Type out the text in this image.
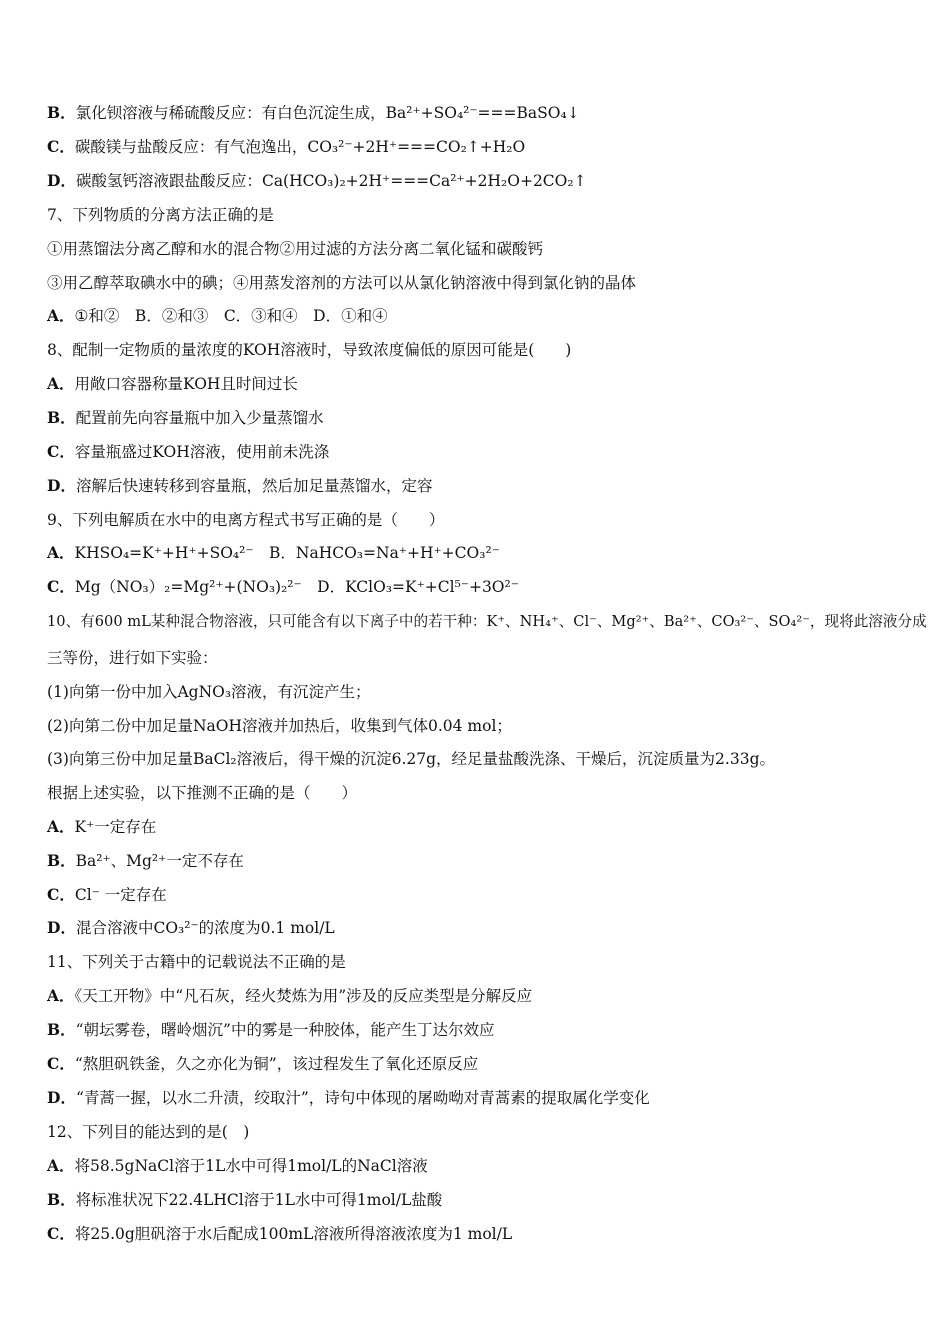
B．氯化钡溶液与稀硫酸反应：有白色沉淀生成，Ba²⁺+SO₄²⁻===BaSO₄↓
C．碳酸镁与盐酸反应：有气泡逸出，CO₃²⁻+2H⁺===CO₂↑+H₂O
D．碳酸氢钙溶液跟盐酸反应：Ca(HCO₃)₂+2H⁺===Ca²⁺+2H₂O+2CO₂↑
7、下列物质的分离方法正确的是
①用蒸馏法分离乙醇和水的混合物②用过滤的方法分离二氧化锰和碳酸钙
③用乙醇萃取碘水中的碘；④用蒸发溶剂的方法可以从氯化钠溶液中得到氯化钠的晶体
A．①和②　B．②和③　C．③和④　D．①和④
8、配制一定物质的量浓度的KOH溶液时，导致浓度偏低的原因可能是(　　)
A．用敞口容器称量KOH且时间过长
B．配置前先向容量瓶中加入少量蒸馏水
C．容量瓶盛过KOH溶液，使用前未洗涤
D．溶解后快速转移到容量瓶，然后加足量蒸馏水，定容
9、下列电解质在水中的电离方程式书写正确的是（　　）
A．KHSO₄=K⁺+H⁺+SO₄²⁻　B．NaHCO₃=Na⁺+H⁺+CO₃²⁻
C．Mg（NO₃）₂=Mg²⁺+(NO₃)₂²⁻　D．KClO₃=K⁺+Cl⁵⁻+3O²⁻
10、有600 mL某种混合物溶液，只可能含有以下离子中的若干种：K⁺、NH₄⁺、Cl⁻、Mg²⁺、Ba²⁺、CO₃²⁻、SO₄²⁻，现将此溶液分成
三等份，进行如下实验：
(1)向第一份中加入AgNO₃溶液，有沉淀产生；
(2)向第二份中加足量NaOH溶液并加热后，收集到气体0.04 mol；
(3)向第三份中加足量BaCl₂溶液后，得干燥的沉淀6.27g，经足量盐酸洗涤、干燥后，沉淀质量为2.33g。
根据上述实验，以下推测不正确的是（　　）
A．K⁺一定存在
B．Ba²⁺、Mg²⁺一定不存在
C．Cl⁻ 一定存在
D．混合溶液中CO₃²⁻的浓度为0.1 mol/L
11、下列关于古籍中的记载说法不正确的是
A．《天工开物》中“凡石灰，经火焚炼为用”涉及的反应类型是分解反应
B．“朝坛雾卷，曙岭烟沉”中的雾是一种胶体，能产生丁达尔效应
C．“熬胆矾铁釜，久之亦化为铜”，该过程发生了氧化还原反应
D．“青蒿一握，以水二升渍，绞取汁”，诗句中体现的屠呦呦对青蒿素的提取属化学变化
12、下列目的能达到的是(　)
A．将58.5gNaCl溶于1L水中可得1mol/L的NaCl溶液
B．将标准状况下22.4LHCl溶于1L水中可得1mol/L盐酸
C．将25.0g胆矾溶于水后配成100mL溶液所得溶液浓度为1 mol/L
